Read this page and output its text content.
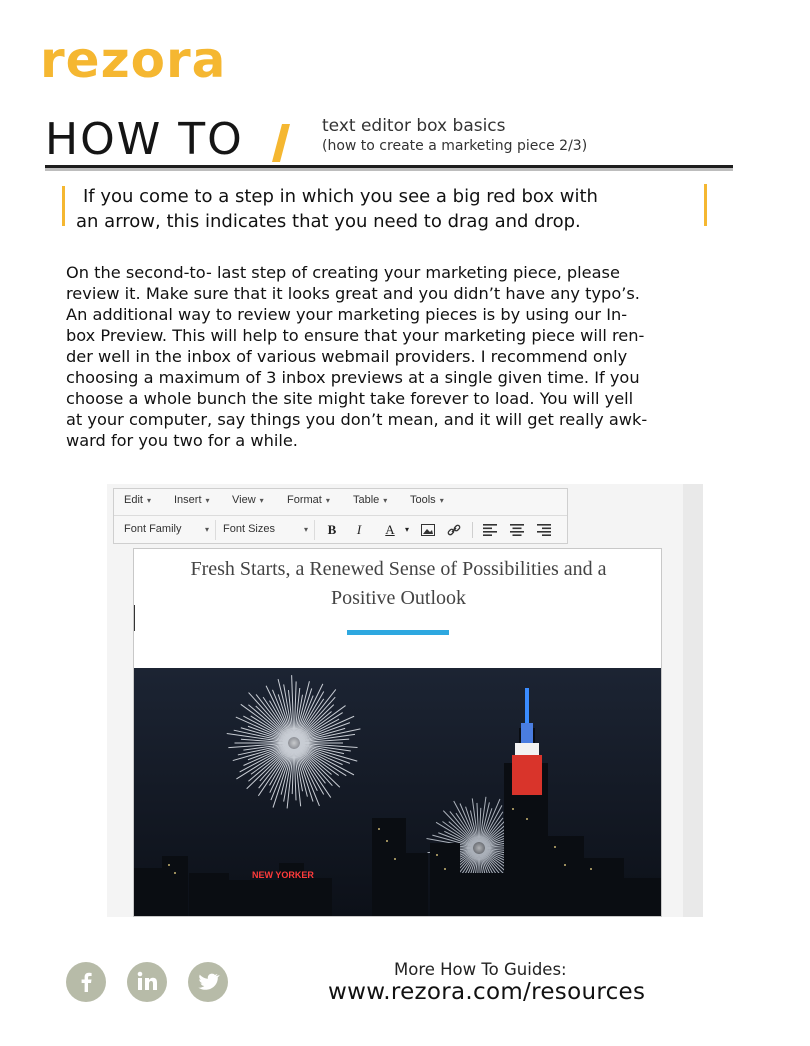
rezora
HOW TO	text editor box basics
(how to create a marketing piece 2/3)
If you come to a step in which you see a big red box with
an arrow, this indicates that you need to drag and drop.
On the second-to- last step of creating your marketing piece, please
review it. Make sure that it looks great and you didn’t have any typo’s.
An additional way to review your marketing pieces is by using our In-
box Preview. This will help to ensure that your marketing piece will ren-
der well in the inbox of various webmail providers. I recommend only
choosing a maximum of 3 inbox previews at a single given time. If you
choose a whole bunch the site might take forever to load. You will yell
at your computer, say things you don’t mean, and it will get really awk-
ward for you two for a while.
Edit ▾ Insert ▾ View ▾ Format ▾ Table ▾ Tools ▾
Font Family	▾	Font Sizes	▾	B	I	A	▾
Fresh Starts, a Renewed Sense of Possibilities and a
Positive Outlook
NEW YORKER
More How To Guides:
www.rezora.com/resources
